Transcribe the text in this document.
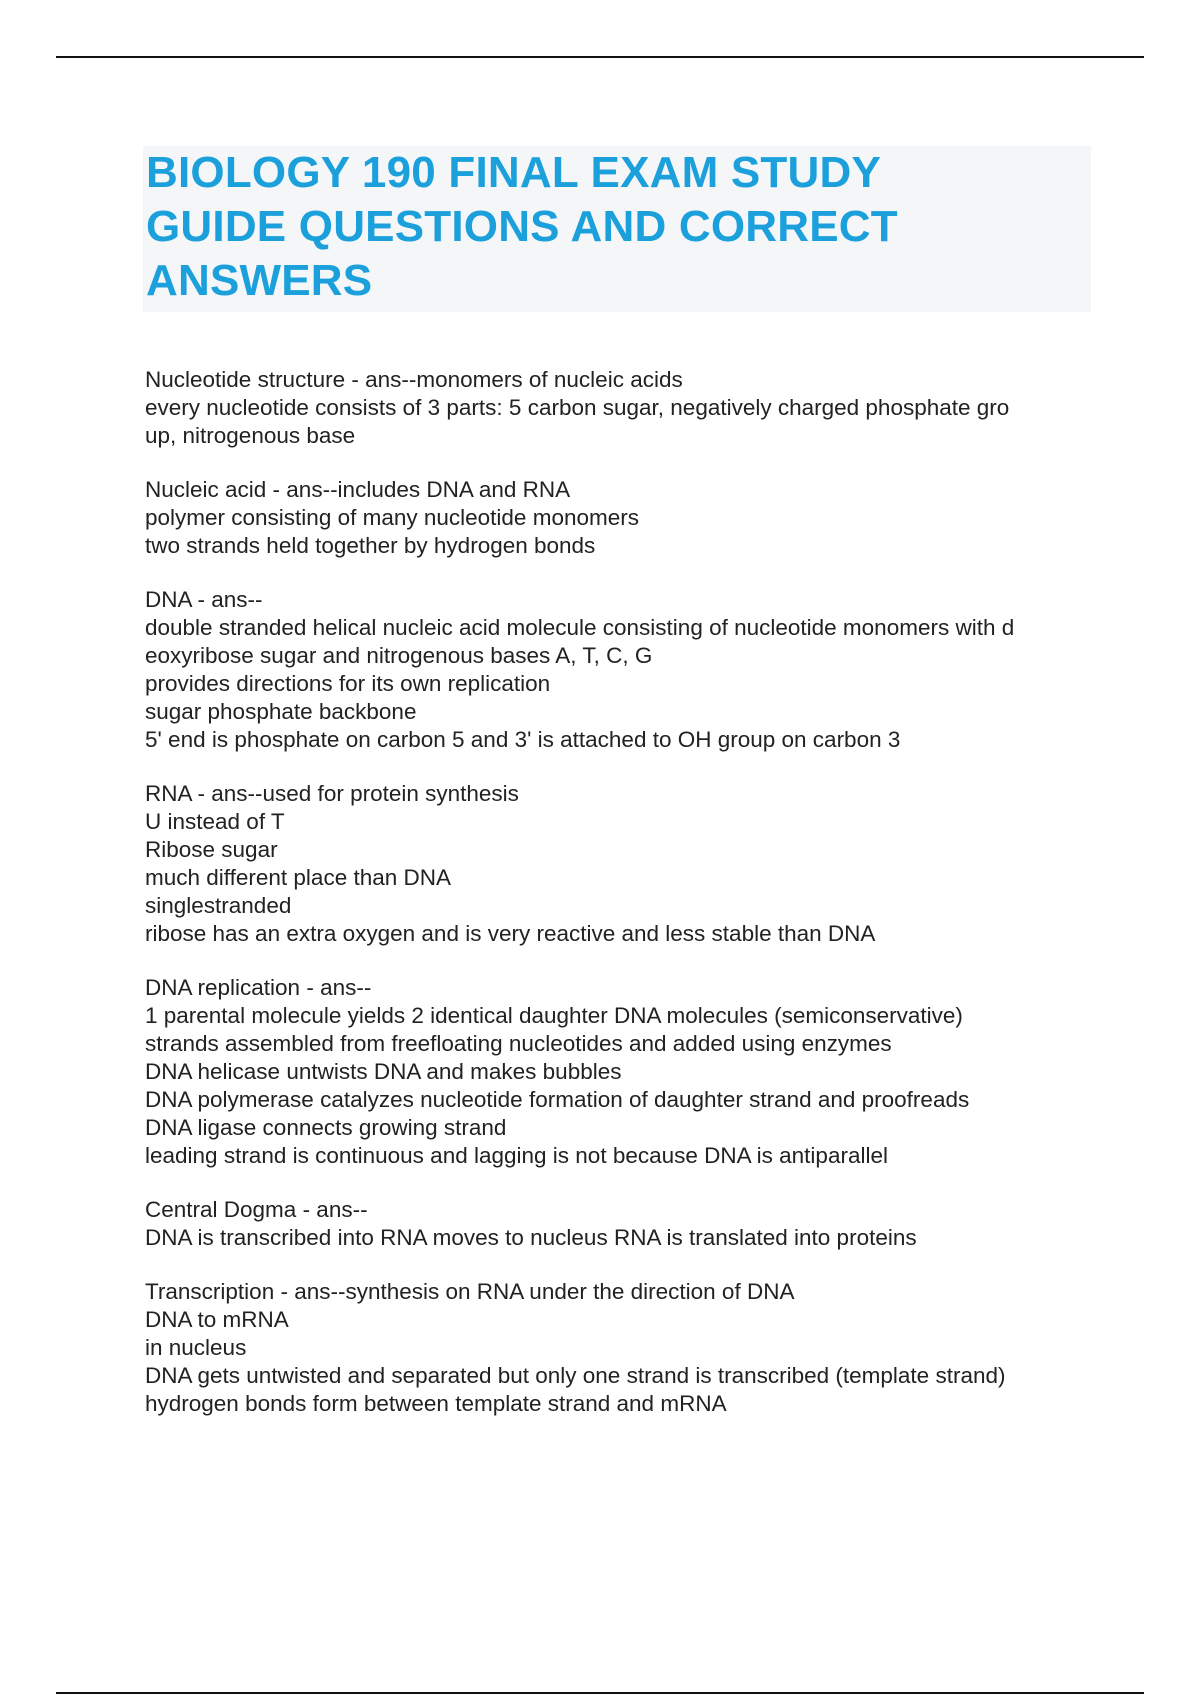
BIOLOGY 190 FINAL EXAM STUDY
GUIDE QUESTIONS AND CORRECT
ANSWERS
Nucleotide structure - ans--monomers of nucleic acids
every nucleotide consists of 3 parts: 5 carbon sugar, negatively charged phosphate gro
up, nitrogenous base
Nucleic acid - ans--includes DNA and RNA
polymer consisting of many nucleotide monomers
two strands held together by hydrogen bonds
DNA - ans--
double stranded helical nucleic acid molecule consisting of nucleotide monomers with d
eoxyribose sugar and nitrogenous bases A, T, C, G
provides directions for its own replication
sugar phosphate backbone
5' end is phosphate on carbon 5 and 3' is attached to OH group on carbon 3
RNA - ans--used for protein synthesis
U instead of T
Ribose sugar
much different place than DNA
singlestranded
ribose has an extra oxygen and is very reactive and less stable than DNA
DNA replication - ans--
1 parental molecule yields 2 identical daughter DNA molecules (semiconservative)
strands assembled from freefloating nucleotides and added using enzymes
DNA helicase untwists DNA and makes bubbles
DNA polymerase catalyzes nucleotide formation of daughter strand and proofreads
DNA ligase connects growing strand
leading strand is continuous and lagging is not because DNA is antiparallel
Central Dogma - ans--
DNA is transcribed into RNA moves to nucleus RNA is translated into proteins
Transcription - ans--synthesis on RNA under the direction of DNA
DNA to mRNA
in nucleus
DNA gets untwisted and separated but only one strand is transcribed (template strand)
hydrogen bonds form between template strand and mRNA
